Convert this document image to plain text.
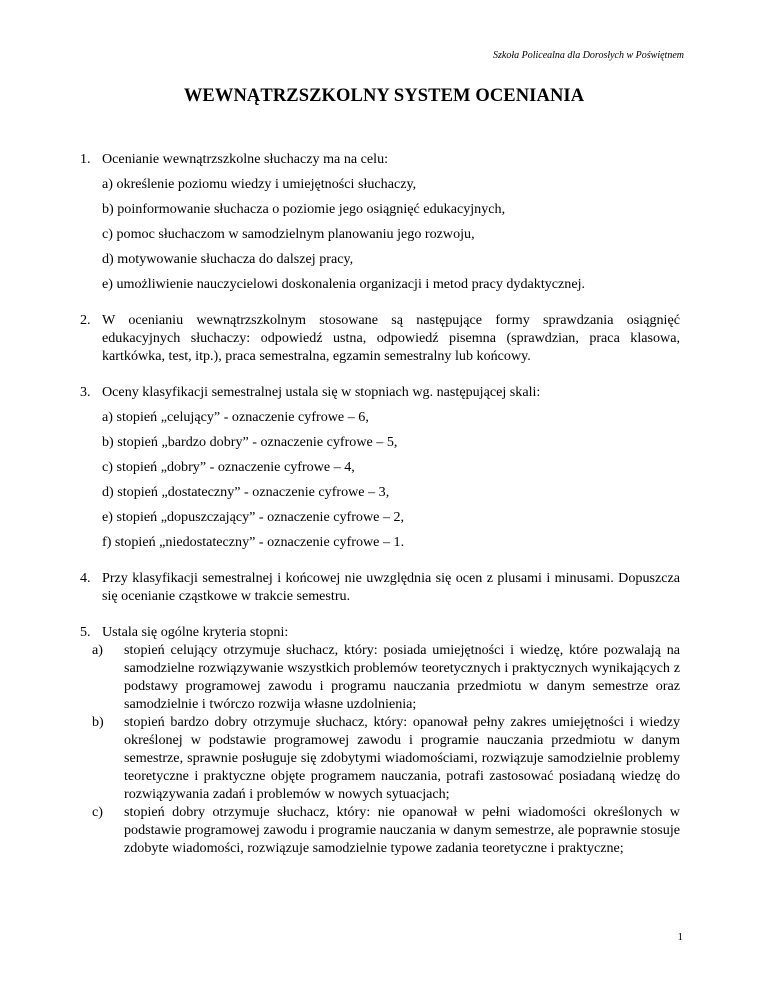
Szkoła Policealna dla Dorosłych w Poświętnem
WEWNĄTRZSZKOLNY SYSTEM OCENIANIA
1. Ocenianie wewnątrzszkolne słuchaczy ma na celu:
a) określenie poziomu wiedzy i umiejętności słuchaczy,
b) poinformowanie słuchacza o poziomie jego osiągnięć edukacyjnych,
c) pomoc słuchaczom w samodzielnym planowaniu jego rozwoju,
d) motywowanie słuchacza do dalszej pracy,
e) umożliwienie nauczycielowi doskonalenia organizacji i metod pracy dydaktycznej.
2. W ocenianiu wewnątrzszkolnym stosowane są następujące formy sprawdzania osiągnięć edukacyjnych słuchaczy: odpowiedź ustna, odpowiedź pisemna (sprawdzian, praca klasowa, kartkówka, test, itp.), praca semestralna, egzamin semestralny lub końcowy.
3. Oceny klasyfikacji semestralnej ustala się w stopniach wg. następującej skali:
a) stopień „celujący” - oznaczenie cyfrowe – 6,
b) stopień „bardzo dobry” - oznaczenie cyfrowe – 5,
c) stopień „dobry” - oznaczenie cyfrowe – 4,
d) stopień „dostateczny” - oznaczenie cyfrowe – 3,
e) stopień „dopuszczający” - oznaczenie cyfrowe – 2,
f) stopień „niedostateczny” - oznaczenie cyfrowe – 1.
4. Przy klasyfikacji semestralnej i końcowej nie uwzględnia się ocen z plusami i minusami. Dopuszcza się ocenianie cząstkowe w trakcie semestru.
5. Ustala się ogólne kryteria stopni:
a) stopień celujący otrzymuje słuchacz, który: posiada umiejętności i wiedzę, które pozwalają na samodzielne rozwiązywanie wszystkich problemów teoretycznych i praktycznych wynikających z podstawy programowej zawodu i programu nauczania przedmiotu w danym semestrze oraz samodzielnie i twórczo rozwija własne uzdolnienia;
b) stopień bardzo dobry otrzymuje słuchacz, który: opanował pełny zakres umiejętności i wiedzy określonej w podstawie programowej zawodu i programie nauczania przedmiotu w danym semestrze, sprawnie posługuje się zdobytymi wiadomościami, rozwiązuje samodzielnie problemy teoretyczne i praktyczne objęte programem nauczania, potrafi zastosować posiadaną wiedzę do rozwiązywania zadań i problemów w nowych sytuacjach;
c) stopień dobry otrzymuje słuchacz, który: nie opanował w pełni wiadomości określonych w podstawie programowej zawodu i programie nauczania w danym semestrze, ale poprawnie stosuje zdobyte wiadomości, rozwiązuje samodzielnie typowe zadania teoretyczne i praktyczne;
1
